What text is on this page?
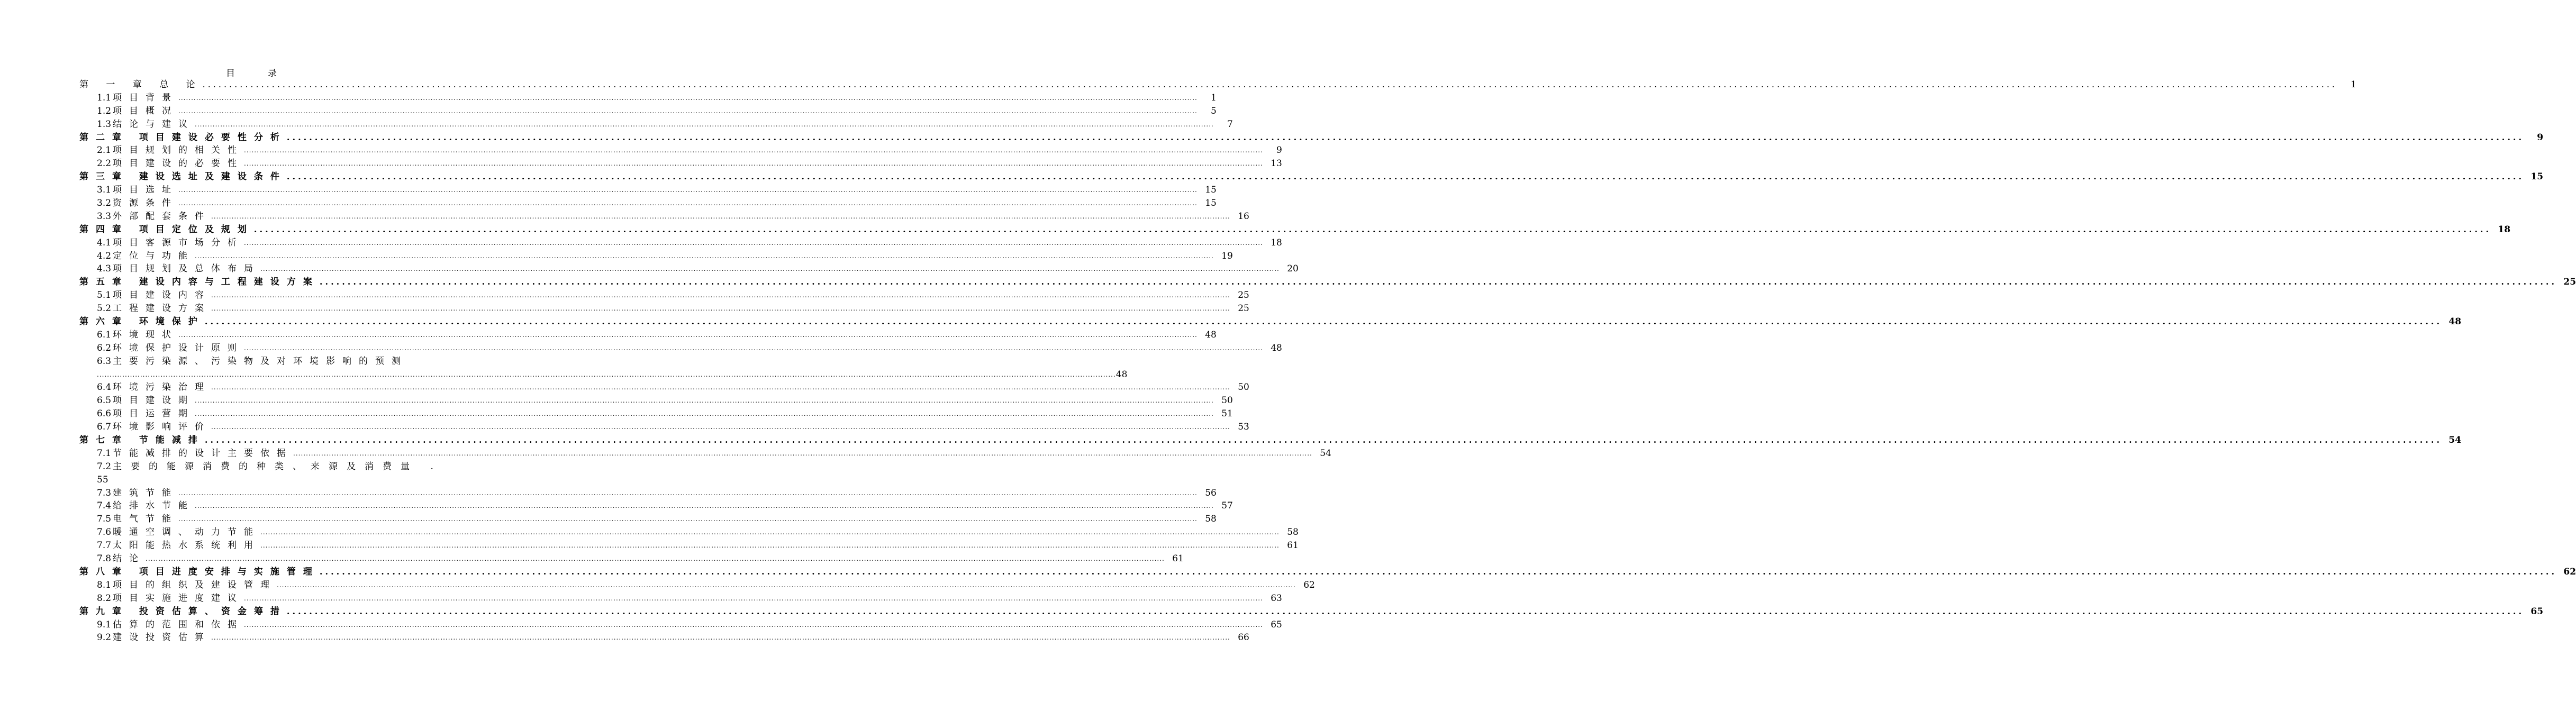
目	录
第 一 章 总 论 ................................................................................................................................................................................................................................................................................................................................................................................................................	1
1.1 项目背景 ................................................................................................................................................................................................................................................................................................................................................................................................................	1
1.2 项目概况 ................................................................................................................................................................................................................................................................................................................................................................................................................	5
1.3 结论与建议 ................................................................................................................................................................................................................................................................................................................................................................................................................	7
第二章 项目建设必要性分析 ................................................................................................................................................................................................................................................................................................................................................................................................................	9
2.1 项目规划的相关性 ................................................................................................................................................................................................................................................................................................................................................................................................................	9
2.2 项目建设的必要性 ................................................................................................................................................................................................................................................................................................................................................................................................................ 13
第三章 建设选址及建设条件 ................................................................................................................................................................................................................................................................................................................................................................................................................ 15
3.1 项目选址 ................................................................................................................................................................................................................................................................................................................................................................................................................ 15
3.2 资源条件 ................................................................................................................................................................................................................................................................................................................................................................................................................ 15
3.3 外部配套条件 ................................................................................................................................................................................................................................................................................................................................................................................................................ 16
第四章 项目定位及规划 ................................................................................................................................................................................................................................................................................................................................................................................................................ 18
4.1 项目客源市场分析 ................................................................................................................................................................................................................................................................................................................................................................................................................ 18
4.2 定位与功能 ................................................................................................................................................................................................................................................................................................................................................................................................................ 19
4.3 项目规划及总体布局 ................................................................................................................................................................................................................................................................................................................................................................................................................ 20
第五章 建设内容与工程建设方案 ................................................................................................................................................................................................................................................................................................................................................................................................................ 25
5.1 项目建设内容 ................................................................................................................................................................................................................................................................................................................................................................................................................ 25
5.2 工程建设方案 ................................................................................................................................................................................................................................................................................................................................................................................................................ 25
第六章 环境保护 ................................................................................................................................................................................................................................................................................................................................................................................................................ 48
6.1 环境现状 ................................................................................................................................................................................................................................................................................................................................................................................................................ 48
6.2 环境保护设计原则 ................................................................................................................................................................................................................................................................................................................................................................................................................ 48
6.3 主要污染源、污染物及对环境影响的预测
................................................................................................................................................................................................................................................................................................................................................................................................................ 48
6.4 环境污染治理 ................................................................................................................................................................................................................................................................................................................................................................................................................ 50
6.5 项目建设期 ................................................................................................................................................................................................................................................................................................................................................................................................................ 50
6.6 项目运营期 ................................................................................................................................................................................................................................................................................................................................................................................................................ 51
6.7 环境影响评价 ................................................................................................................................................................................................................................................................................................................................................................................................................ 53
第七章 节能减排 ................................................................................................................................................................................................................................................................................................................................................................................................................ 54
7.1 节能减排的设计主要依据 ................................................................................................................................................................................................................................................................................................................................................................................................................ 54
7.2 主要的能源消费的种类、来源及消费量 .
55
7.3 建筑节能 ................................................................................................................................................................................................................................................................................................................................................................................................................ 56
7.4 给排水节能 ................................................................................................................................................................................................................................................................................................................................................................................................................ 57
7.5 电气节能 ................................................................................................................................................................................................................................................................................................................................................................................................................ 58
7.6 暖通空调、动力节能 ................................................................................................................................................................................................................................................................................................................................................................................................................ 58
7.7 太阳能热水系统利用 ................................................................................................................................................................................................................................................................................................................................................................................................................ 61
7.8 结论 ................................................................................................................................................................................................................................................................................................................................................................................................................ 61
第八章 项目进度安排与实施管理 ................................................................................................................................................................................................................................................................................................................................................................................................................ 62
8.1 项目的组织及建设管理 ................................................................................................................................................................................................................................................................................................................................................................................................................ 62
8.2 项目实施进度建议 ................................................................................................................................................................................................................................................................................................................................................................................................................ 63
第九章 投资估算、资金筹措 ................................................................................................................................................................................................................................................................................................................................................................................................................ 65
9.1 估算的范围和依据 ................................................................................................................................................................................................................................................................................................................................................................................................................ 65
9.2 建设投资估算 ................................................................................................................................................................................................................................................................................................................................................................................................................ 66
